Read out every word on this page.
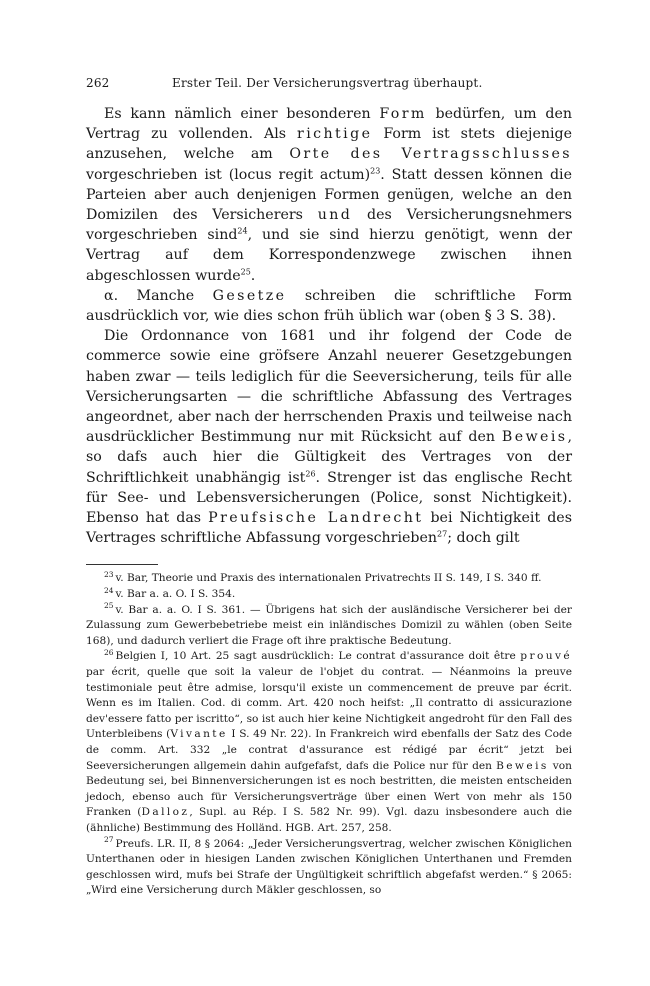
262	Erster Teil. Der Versicherungsvertrag überhaupt.

Es kann nämlich einer besonderen Form bedürfen, um den Vertrag zu vollenden. Als richtige Form ist stets diejenige anzusehen, welche am Orte des Vertragsschlusses vorgeschrieben ist (locus regit actum)$^{23}$. Statt dessen können die Parteien aber auch denjenigen Formen genügen, welche an den Domizilen des Versicherers und des Versicherungsnehmers vorgeschrieben sind$^{24}$, und sie sind hierzu genötigt, wenn der Vertrag auf dem Korrespondenzwege zwischen ihnen abgeschlossen wurde$^{25}$.

α. Manche Gesetze schreiben die schriftliche Form ausdrücklich vor, wie dies schon früh üblich war (oben § 3 S. 38).

Die Ordonnance von 1681 und ihr folgend der Code de commerce sowie eine gröfsere Anzahl neuerer Gesetzgebungen haben zwar — teils lediglich für die Seeversicherung, teils für alle Versicherungsarten — die schriftliche Abfassung des Vertrages angeordnet, aber nach der herrschenden Praxis und teilweise nach ausdrücklicher Bestimmung nur mit Rücksicht auf den Beweis, so dafs auch hier die Gültigkeit des Vertrages von der Schriftlichkeit unabhängig ist$^{26}$. Strenger ist das englische Recht für See- und Lebensversicherungen (Police, sonst Nichtigkeit). Ebenso hat das Preufsische Landrecht bei Nichtigkeit des Vertrages schriftliche Abfassung vorgeschrieben$^{27}$; doch gilt

$^{23}$ v. Bar, Theorie und Praxis des internationalen Privatrechts II S. 149, I S. 340 ff.

$^{24}$ v. Bar a. a. O. I S. 354.

$^{25}$ v. Bar a. a. O. I S. 361. — Übrigens hat sich der ausländische Versicherer bei der Zulassung zum Gewerbebetriebe meist ein inländisches Domizil zu wählen (oben Seite 168), und dadurch verliert die Frage oft ihre praktische Bedeutung.

$^{26}$ Belgien I, 10 Art. 25 sagt ausdrücklich: Le contrat d'assurance doit être prouvé par écrit, quelle que soit la valeur de l'objet du contrat. — Néanmoins la preuve testimoniale peut être admise, lorsqu'il existe un commencement de preuve par écrit. Wenn es im Italien. Cod. di comm. Art. 420 noch heifst: „Il contratto di assicurazione dev'essere fatto per iscritto“, so ist auch hier keine Nichtigkeit angedroht für den Fall des Unterbleibens (Vivante I S. 49 Nr. 22). In Frankreich wird ebenfalls der Satz des Code de comm. Art. 332 „le contrat d'assurance est rédigé par écrit“ jetzt bei Seeversicherungen allgemein dahin aufgefafst, dafs die Police nur für den Beweis von Bedeutung sei, bei Binnenversicherungen ist es noch bestritten, die meisten entscheiden jedoch, ebenso auch für Versicherungsverträge über einen Wert von mehr als 150 Franken (Dalloz, Supl. au Rép. I S. 582 Nr. 99). Vgl. dazu insbesondere auch die (ähnliche) Bestimmung des Holländ. HGB. Art. 257, 258.

$^{27}$ Preufs. LR. II, 8 § 2064: „Jeder Versicherungsvertrag, welcher zwischen Königlichen Unterthanen oder in hiesigen Landen zwischen Königlichen Unterthanen und Fremden geschlossen wird, mufs bei Strafe der Ungültigkeit schriftlich abgefafst werden.“ § 2065: „Wird eine Versicherung durch Mäkler geschlossen, so
